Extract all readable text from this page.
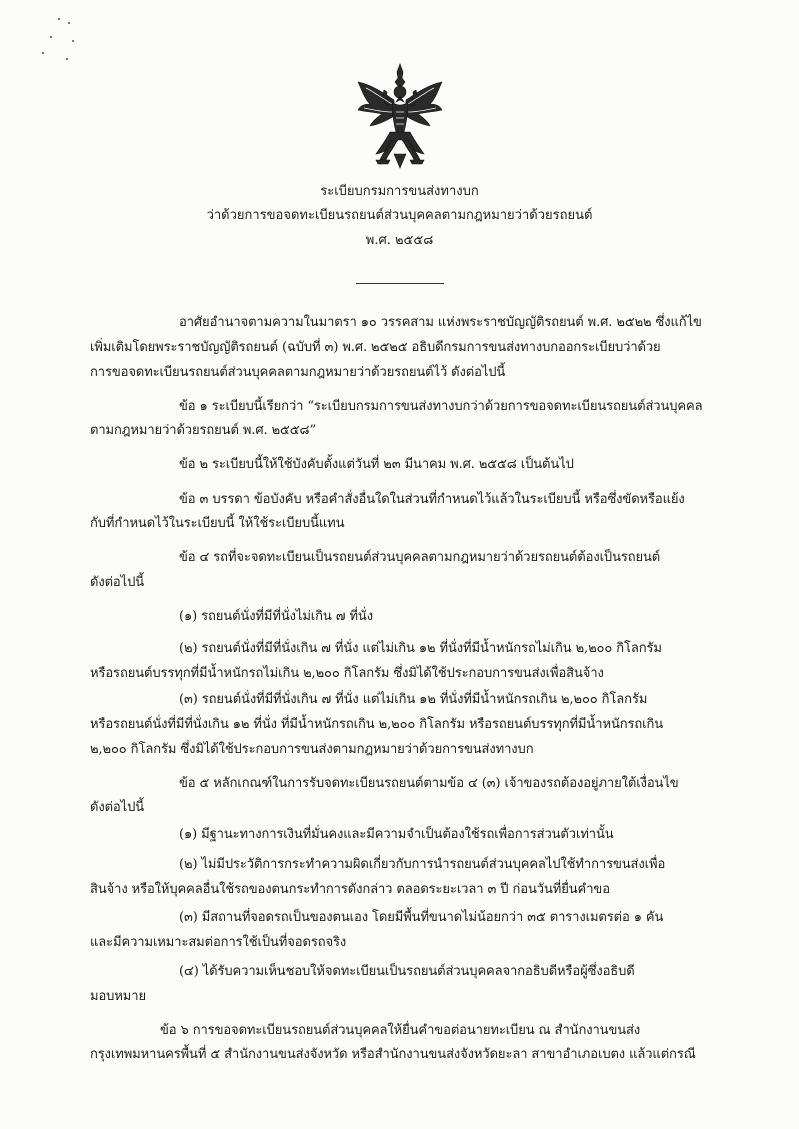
ระเบียบกรมการขนส่งทางบก
ว่าด้วยการขอจดทะเบียนรถยนต์ส่วนบุคคลตามกฎหมายว่าด้วยรถยนต์
พ.ศ. ๒๕๕๘
อาศัยอำนาจตามความในมาตรา ๑๐ วรรคสาม แห่งพระราชบัญญัติรถยนต์ พ.ศ. ๒๕๒๒ ซึ่งแก้ไข
เพิ่มเติมโดยพระราชบัญญัติรถยนต์ (ฉบับที่ ๓) พ.ศ. ๒๕๒๕ อธิบดีกรมการขนส่งทางบกออกระเบียบว่าด้วย
การขอจดทะเบียนรถยนต์ส่วนบุคคลตามกฎหมายว่าด้วยรถยนต์ไว้ ดังต่อไปนี้
ข้อ ๑ ระเบียบนี้เรียกว่า “ระเบียบกรมการขนส่งทางบกว่าด้วยการขอจดทะเบียนรถยนต์ส่วนบุคคล
ตามกฎหมายว่าด้วยรถยนต์ พ.ศ. ๒๕๕๘”
ข้อ ๒ ระเบียบนี้ให้ใช้บังคับตั้งแต่วันที่ ๒๓ มีนาคม พ.ศ. ๒๕๕๘ เป็นต้นไป
ข้อ ๓ บรรดา ข้อบังคับ หรือคำสั่งอื่นใดในส่วนที่กำหนดไว้แล้วในระเบียบนี้ หรือซึ่งขัดหรือแย้ง
กับที่กำหนดไว้ในระเบียบนี้ ให้ใช้ระเบียบนี้แทน
ข้อ ๔ รถที่จะจดทะเบียนเป็นรถยนต์ส่วนบุคคลตามกฎหมายว่าด้วยรถยนต์ต้องเป็นรถยนต์
ดังต่อไปนี้
(๑) รถยนต์นั่งที่มีที่นั่งไม่เกิน ๗ ที่นั่ง
(๒) รถยนต์นั่งที่มีที่นั่งเกิน ๗ ที่นั่ง แต่ไม่เกิน ๑๒ ที่นั่งที่มีน้ำหนักรถไม่เกิน ๒,๒๐๐ กิโลกรัม
หรือรถยนต์บรรทุกที่มีน้ำหนักรถไม่เกิน ๒,๒๐๐ กิโลกรัม ซึ่งมิได้ใช้ประกอบการขนส่งเพื่อสินจ้าง
(๓) รถยนต์นั่งที่มีที่นั่งเกิน ๗ ที่นั่ง แต่ไม่เกิน ๑๒ ที่นั่งที่มีน้ำหนักรถเกิน ๒,๒๐๐ กิโลกรัม
หรือรถยนต์นั่งที่มีที่นั่งเกิน ๑๒ ที่นั่ง ที่มีน้ำหนักรถเกิน ๒,๒๐๐ กิโลกรัม หรือรถยนต์บรรทุกที่มีน้ำหนักรถเกิน
๒,๒๐๐ กิโลกรัม ซึ่งมิได้ใช้ประกอบการขนส่งตามกฎหมายว่าด้วยการขนส่งทางบก
ข้อ ๕ หลักเกณฑ์ในการรับจดทะเบียนรถยนต์ตามข้อ ๔ (๓) เจ้าของรถต้องอยู่ภายใต้เงื่อนไข
ดังต่อไปนี้
(๑) มีฐานะทางการเงินที่มั่นคงและมีความจำเป็นต้องใช้รถเพื่อการส่วนตัวเท่านั้น
(๒) ไม่มีประวัติการกระทำความผิดเกี่ยวกับการนำรถยนต์ส่วนบุคคลไปใช้ทำการขนส่งเพื่อ
สินจ้าง หรือให้บุคคลอื่นใช้รถของตนกระทำการดังกล่าว ตลอดระยะเวลา ๓ ปี ก่อนวันที่ยื่นคำขอ
(๓) มีสถานที่จอดรถเป็นของตนเอง โดยมีพื้นที่ขนาดไม่น้อยกว่า ๓๕ ตารางเมตรต่อ ๑ คัน
และมีความเหมาะสมต่อการใช้เป็นที่จอดรถจริง
(๔) ได้รับความเห็นชอบให้จดทะเบียนเป็นรถยนต์ส่วนบุคคลจากอธิบดีหรือผู้ซึ่งอธิบดี
มอบหมาย
ข้อ ๖ การขอจดทะเบียนรถยนต์ส่วนบุคคลให้ยื่นคำขอต่อนายทะเบียน ณ สำนักงานขนส่ง
กรุงเทพมหานครพื้นที่ ๕ สำนักงานขนส่งจังหวัด หรือสำนักงานขนส่งจังหวัดยะลา สาขาอำเภอเบตง แล้วแต่กรณี
